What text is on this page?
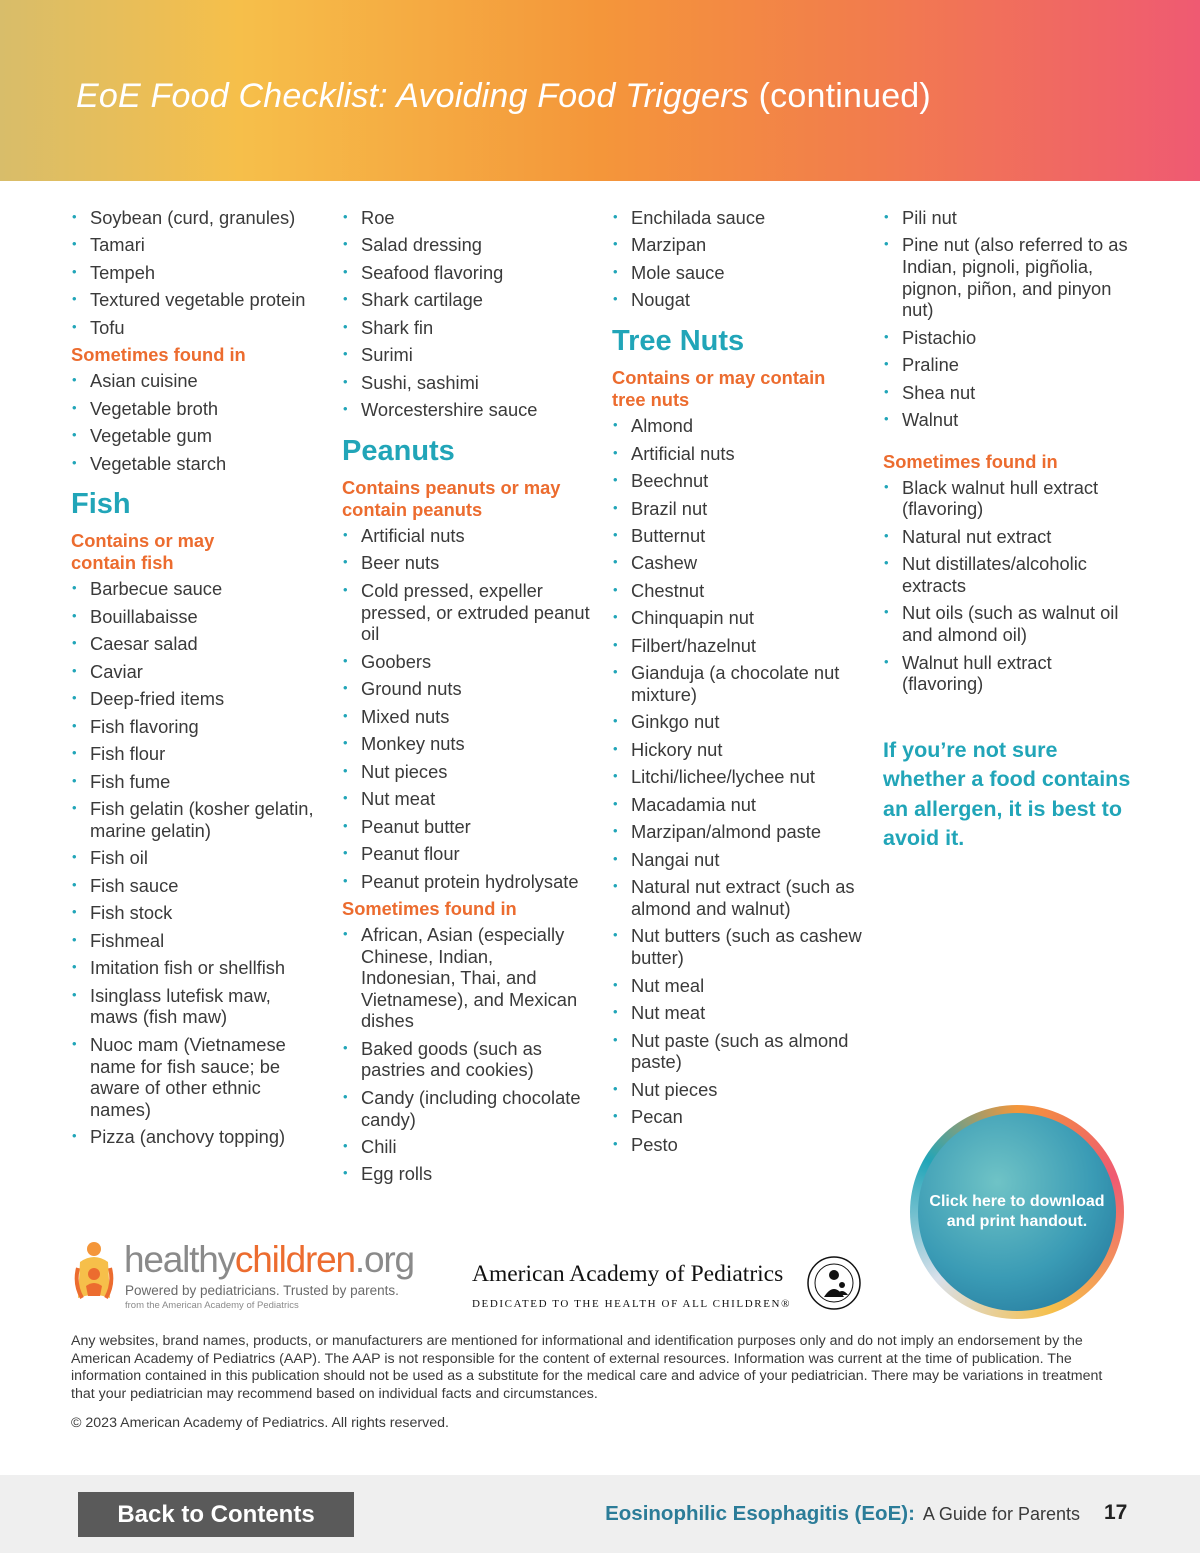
EoE Food Checklist: Avoiding Food Triggers (continued)
• Soybean (curd, granules)
• Tamari
• Tempeh
• Textured vegetable protein
• Tofu
Sometimes found in
• Asian cuisine
• Vegetable broth
• Vegetable gum
• Vegetable starch
Fish
Contains or may contain fish
• Barbecue sauce
• Bouillabaisse
• Caesar salad
• Caviar
• Deep-fried items
• Fish flavoring
• Fish flour
• Fish fume
• Fish gelatin (kosher gelatin, marine gelatin)
• Fish oil
• Fish sauce
• Fish stock
• Fishmeal
• Imitation fish or shellfish
• Isinglass lutefisk maw, maws (fish maw)
• Nuoc mam (Vietnamese name for fish sauce; be aware of other ethnic names)
• Pizza (anchovy topping)
• Roe
• Salad dressing
• Seafood flavoring
• Shark cartilage
• Shark fin
• Surimi
• Sushi, sashimi
• Worcestershire sauce
Peanuts
Contains peanuts or may contain peanuts
• Artificial nuts
• Beer nuts
• Cold pressed, expeller pressed, or extruded peanut oil
• Goobers
• Ground nuts
• Mixed nuts
• Monkey nuts
• Nut pieces
• Nut meat
• Peanut butter
• Peanut flour
• Peanut protein hydrolysate
Sometimes found in
• African, Asian (especially Chinese, Indian, Indonesian, Thai, and Vietnamese), and Mexican dishes
• Baked goods (such as pastries and cookies)
• Candy (including chocolate candy)
• Chili
• Egg rolls
• Enchilada sauce
• Marzipan
• Mole sauce
• Nougat
Tree Nuts
Contains or may contain tree nuts
• Almond
• Artificial nuts
• Beechnut
• Brazil nut
• Butternut
• Cashew
• Chestnut
• Chinquapin nut
• Filbert/hazelnut
• Gianduja (a chocolate nut mixture)
• Ginkgo nut
• Hickory nut
• Litchi/lichee/lychee nut
• Macadamia nut
• Marzipan/almond paste
• Nangai nut
• Natural nut extract (such as almond and walnut)
• Nut butters (such as cashew butter)
• Nut meal
• Nut meat
• Nut paste (such as almond paste)
• Nut pieces
• Pecan
• Pesto
• Pili nut
• Pine nut (also referred to as Indian, pignoli, pigñolia, pignon, piñon, and pinyon nut)
• Pistachio
• Praline
• Shea nut
• Walnut
Sometimes found in
• Black walnut hull extract (flavoring)
• Natural nut extract
• Nut distillates/alcoholic extracts
• Nut oils (such as walnut oil and almond oil)
• Walnut hull extract (flavoring)
If you’re not sure whether a food contains an allergen, it is best to avoid it.
Click here to download and print handout.
healthychildren.org
Powered by pediatricians. Trusted by parents.
from the American Academy of Pediatrics
American Academy of Pediatrics
DEDICATED TO THE HEALTH OF ALL CHILDREN®
Any websites, brand names, products, or manufacturers are mentioned for informational and identification purposes only and do not imply an endorsement by the American Academy of Pediatrics (AAP). The AAP is not responsible for the content of external resources. Information was current at the time of publication. The information contained in this publication should not be used as a substitute for the medical care and advice of your pediatrician. There may be variations in treatment that your pediatrician may recommend based on individual facts and circumstances.
© 2023 American Academy of Pediatrics. All rights reserved.
Back to Contents	Eosinophilic Esophagitis (EoE): A Guide for Parents 17
